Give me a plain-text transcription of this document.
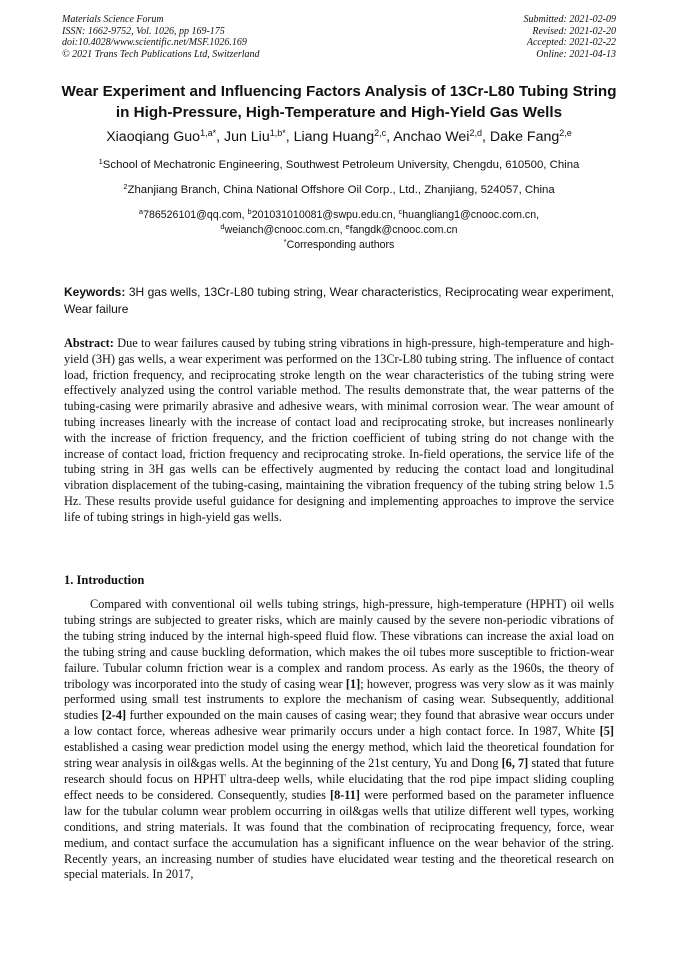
Materials Science Forum
ISSN: 1662-9752, Vol. 1026, pp 169-175
doi:10.4028/www.scientific.net/MSF.1026.169
© 2021 Trans Tech Publications Ltd, Switzerland
Submitted: 2021-02-09
Revised: 2021-02-20
Accepted: 2021-02-22
Online: 2021-04-13
Wear Experiment and Influencing Factors Analysis of 13Cr-L80 Tubing String in High-Pressure, High-Temperature and High-Yield Gas Wells
Xiaoqiang Guo$^{1,a*}$, Jun Liu$^{1,b*}$, Liang Huang$^{2,c}$, Anchao Wei$^{2,d}$, Dake Fang$^{2,e}$
$^1$School of Mechatronic Engineering, Southwest Petroleum University, Chengdu, 610500, China
$^2$Zhanjiang Branch, China National Offshore Oil Corp., Ltd., Zhanjiang, 524057, China
$^a$786526101@qq.com, $^b$201031010081@swpu.edu.cn, $^c$huangliang1@cnooc.com.cn,
$^d$weianch@cnooc.com.cn, $^e$fangdk@cnooc.com.cn
*Corresponding authors
Keywords: 3H gas wells, 13Cr-L80 tubing string, Wear characteristics, Reciprocating wear experiment, Wear failure
Abstract: Due to wear failures caused by tubing string vibrations in high-pressure, high-temperature and high-yield (3H) gas wells, a wear experiment was performed on the 13Cr-L80 tubing string. The influence of contact load, friction frequency, and reciprocating stroke length on the wear characteristics of the tubing string were effectively analyzed using the control variable method. The results demonstrate that, the wear patterns of the tubing-casing were primarily abrasive and adhesive wears, with minimal corrosion wear. The wear amount of tubing increases linearly with the increase of contact load and reciprocating stroke, but increases nonlinearly with the increase of friction frequency, and the friction coefficient of tubing string do not change with the increase of contact load, friction frequency and reciprocating stroke. In-field operations, the service life of the tubing string in 3H gas wells can be effectively augmented by reducing the contact load and longitudinal vibration displacement of the tubing-casing, maintaining the vibration frequency of the tubing string below 1.5 Hz. These results provide useful guidance for designing and implementing approaches to improve the service life of tubing strings in high-yield gas wells.
1. Introduction
Compared with conventional oil wells tubing strings, high-pressure, high-temperature (HPHT) oil wells tubing strings are subjected to greater risks, which are mainly caused by the severe non-periodic vibrations of the tubing string induced by the internal high-speed fluid flow. These vibrations can increase the axial load on the tubing string and cause buckling deformation, which makes the oil tubes more susceptible to friction-wear failure. Tubular column friction wear is a complex and random process. As early as the 1960s, the theory of tribology was incorporated into the study of casing wear [1]; however, progress was very slow as it was mainly performed using small test instruments to explore the mechanism of casing wear. Subsequently, additional studies [2-4] further expounded on the main causes of casing wear; they found that abrasive wear occurs under a low contact force, whereas adhesive wear primarily occurs under a high contact force. In 1987, White [5] established a casing wear prediction model using the energy method, which laid the theoretical foundation for string wear analysis in oil&gas wells. At the beginning of the 21st century, Yu and Dong [6, 7] stated that future research should focus on HPHT ultra-deep wells, while elucidating that the rod pipe impact sliding coupling effect needs to be considered. Consequently, studies [8-11] were performed based on the parameter influence law for the tubular column wear problem occurring in oil&gas wells that utilize different well types, working conditions, and string materials. It was found that the combination of reciprocating frequency, force, wear medium, and contact surface the accumulation has a significant influence on the wear behavior of the string. Recently years, an increasing number of studies have elucidated wear testing and the theoretical research on special materials. In 2017,
